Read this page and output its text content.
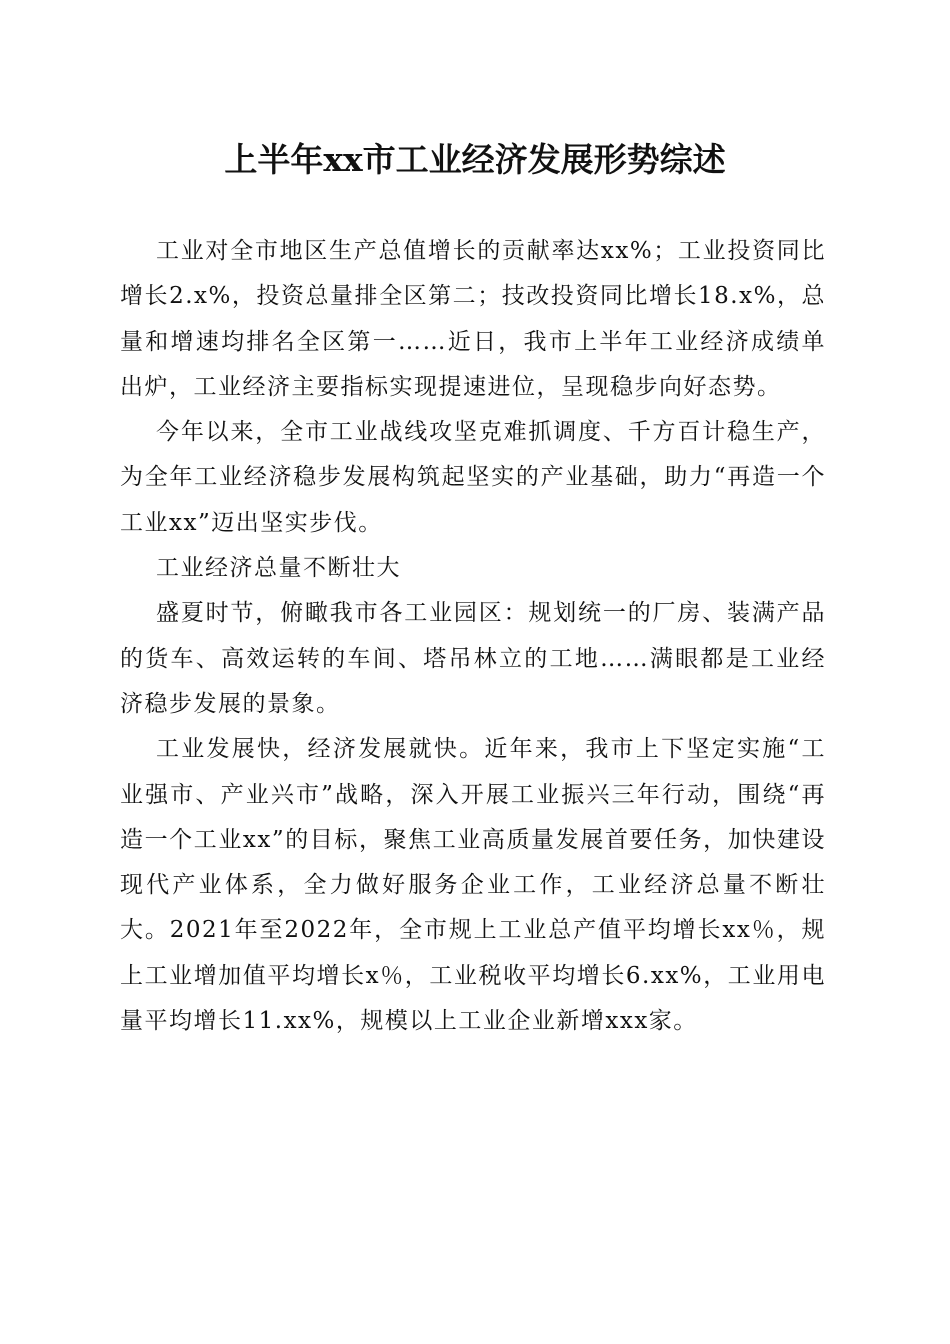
上半年xx市工业经济发展形势综述

工业对全市地区生产总值增长的贡献率达xx%；工业投资同比增长2.x%，投资总量排全区第二；技改投资同比增长18.x%，总量和增速均排名全区第一……近日，我市上半年工业经济成绩单出炉，工业经济主要指标实现提速进位，呈现稳步向好态势。

今年以来，全市工业战线攻坚克难抓调度、千方百计稳生产，为全年工业经济稳步发展构筑起坚实的产业基础，助力“再造一个工业xx”迈出坚实步伐。

工业经济总量不断壮大

盛夏时节，俯瞰我市各工业园区：规划统一的厂房、装满产品的货车、高效运转的车间、塔吊林立的工地……满眼都是工业经济稳步发展的景象。

工业发展快，经济发展就快。近年来，我市上下坚定实施“工业强市、产业兴市”战略，深入开展工业振兴三年行动，围绕“再造一个工业xx”的目标，聚焦工业高质量发展首要任务，加快建设现代产业体系，全力做好服务企业工作，工业经济总量不断壮大。2021年至2022年，全市规上工业总产值平均增长xx％，规上工业增加值平均增长x％，工业税收平均增长6.xx%，工业用电量平均增长11.xx%，规模以上工业企业新增xxx家。
